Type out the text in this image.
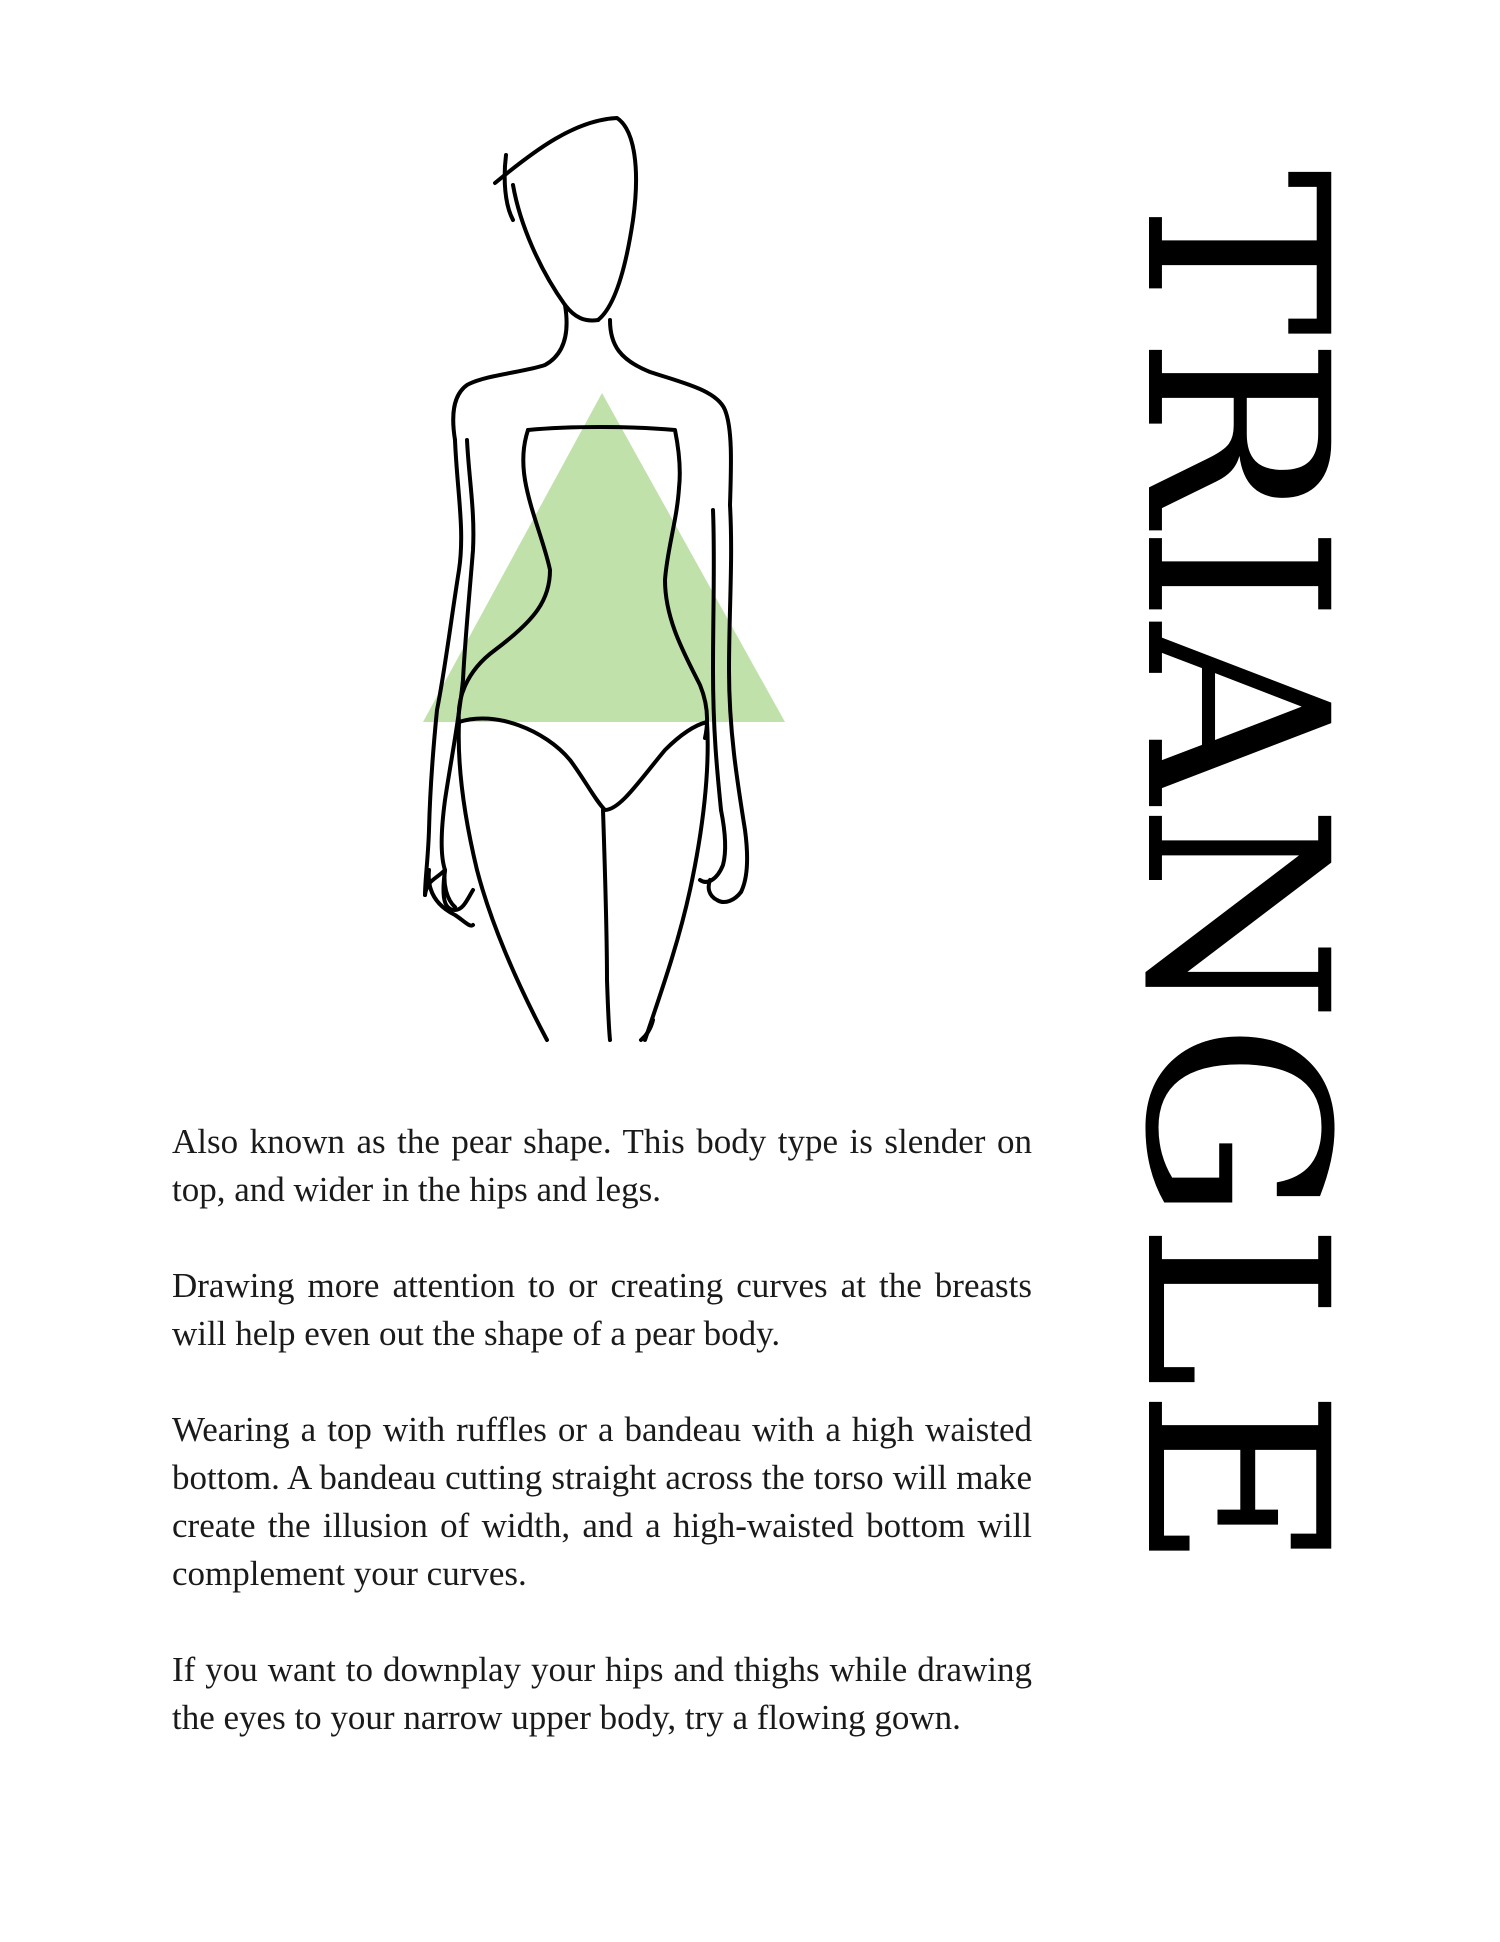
TRIANGLE

Also known as the pear shape. This body type is slender on top, and wider in the hips and legs.

Drawing more attention to or creating curves at the breasts will help even out the shape of a pear body.

Wearing a top with ruffles or a bandeau with a high waisted bottom. A bandeau cutting straight across the torso will make create the illusion of width, and a high-waisted bottom will complement your curves.

If you want to downplay your hips and thighs while drawing the eyes to your narrow upper body, try a flowing gown.
